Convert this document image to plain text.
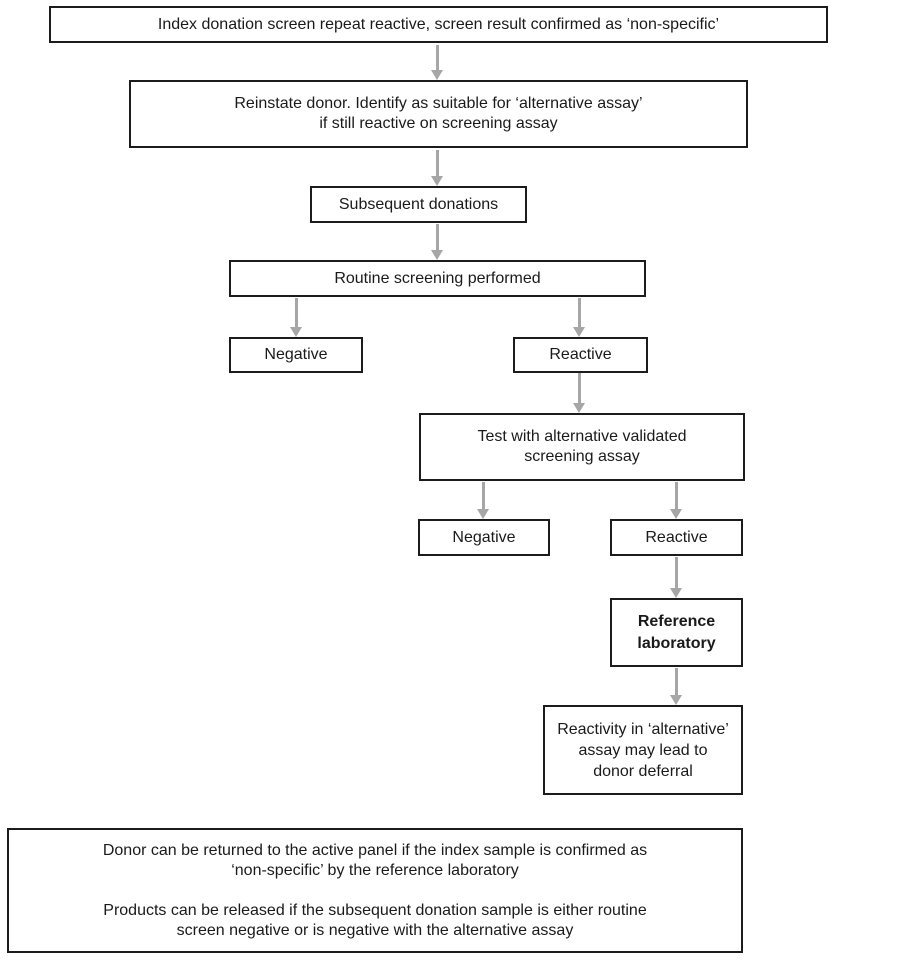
Index donation screen repeat reactive, screen result confirmed as ‘non-specific’
Reinstate donor. Identify as suitable for ‘alternative assay’
if still reactive on screening assay
Subsequent donations
Routine screening performed
Negative	Reactive
Test with alternative validated
screening assay
Negative	Reactive
Reference
laboratory
Reactivity in ‘alternative’
assay may lead to
donor deferral
Donor can be returned to the active panel if the index sample is confirmed as
‘non-specific’ by the reference laboratory
Products can be released if the subsequent donation sample is either routine
screen negative or is negative with the alternative assay
